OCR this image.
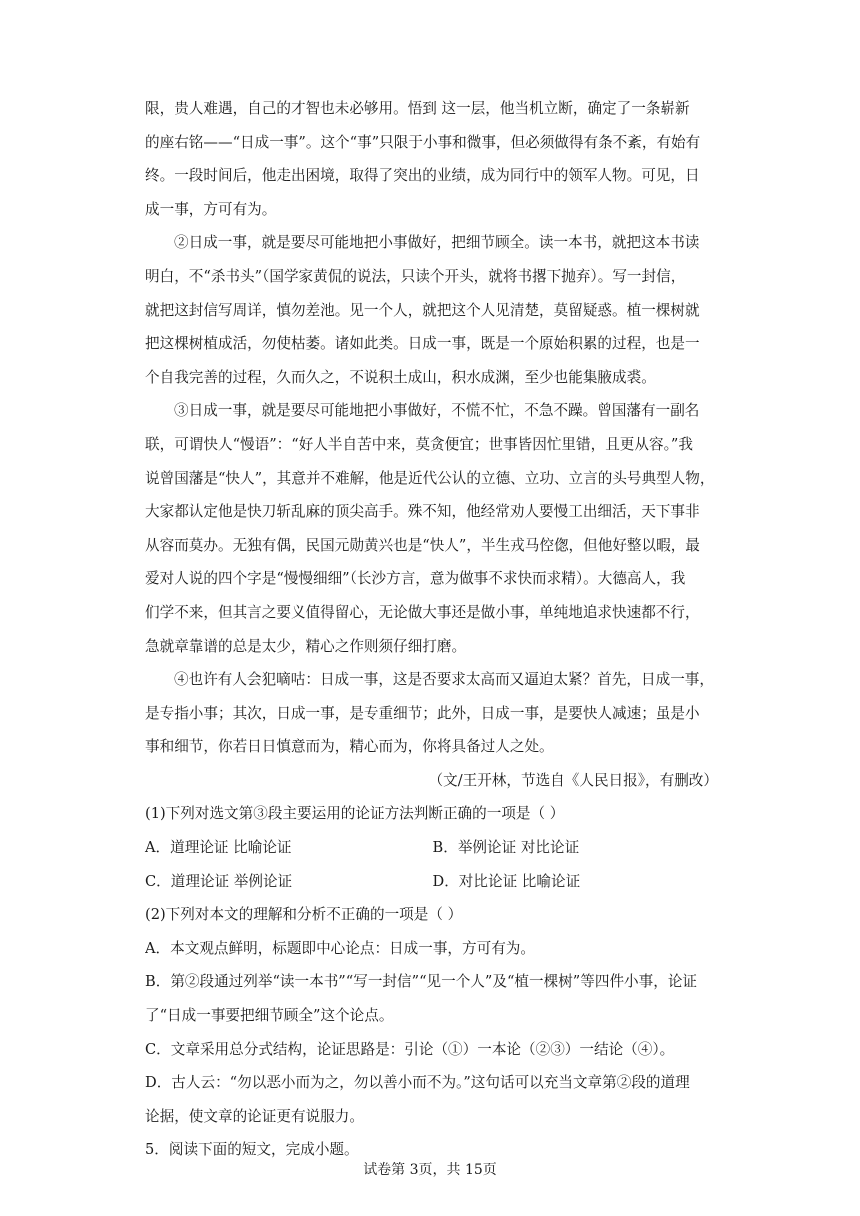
限，贵人难遇，自己的才智也未必够用。悟到 这一层，他当机立断，确定了一条崭新
的座右铭——“日成一事”。这个“事”只限于小事和微事，但必须做得有条不紊，有始有
终。一段时间后，他走出困境，取得了突出的业绩，成为同行中的领军人物。可见，日
成一事，方可有为。
②日成一事，就是要尽可能地把小事做好，把细节顾全。读一本书，就把这本书读
明白，不“杀书头”（国学家黄侃的说法，只读个开头，就将书撂下抛弃）。写一封信，
就把这封信写周详，慎勿差池。见一个人，就把这个人见清楚，莫留疑惑。植一棵树就
把这棵树植成活，勿使枯萎。诸如此类。日成一事，既是一个原始积累的过程，也是一
个自我完善的过程，久而久之，不说积土成山，积水成渊，至少也能集腋成裘。
③日成一事，就是要尽可能地把小事做好，不慌不忙，不急不躁。曾国藩有一副名
联，可谓快人“慢语”：“好人半自苦中来，莫贪便宜；世事皆因忙里错，且更从容。”我
说曾国藩是“快人”，其意并不难解，他是近代公认的立德、立功、立言的头号典型人物，
大家都认定他是快刀斩乱麻的顶尖高手。殊不知，他经常劝人要慢工出细活，天下事非
从容而莫办。无独有偶，民国元勋黄兴也是“快人”，半生戎马倥偬，但他好整以暇，最
爱对人说的四个字是“慢慢细细”（长沙方言，意为做事不求快而求精）。大德高人，我
们学不来，但其言之要义值得留心，无论做大事还是做小事，单纯地追求快速都不行，
急就章靠谱的总是太少，精心之作则须仔细打磨。
④也许有人会犯嘀咕：日成一事，这是否要求太高而又逼迫太紧？首先，日成一事，
是专指小事；其次，日成一事，是专重细节；此外，日成一事，是要快人减速；虽是小
事和细节，你若日日慎意而为，精心而为，你将具备过人之处。
（文/王开林，节选自《人民日报》，有删改）
(1)下列对选文第③段主要运用的论证方法判断正确的一项是（ ）
A．道理论证 比喻论证	B．举例论证 对比论证
C．道理论证 举例论证	D．对比论证 比喻论证
(2)下列对本文的理解和分析不正确的一项是（ ）
A．本文观点鲜明，标题即中心论点：日成一事，方可有为。
B．第②段通过列举“读一本书”“写一封信”“见一个人”及“植一棵树”等四件小事，论证
了“日成一事要把细节顾全”这个论点。
C．文章采用总分式结构，论证思路是：引论（①）一本论（②③）一结论（④）。
D．古人云：“勿以恶小而为之，勿以善小而不为。”这句话可以充当文章第②段的道理
论据，使文章的论证更有说服力。
5．阅读下面的短文，完成小题。
试卷第 3页，共 15页
